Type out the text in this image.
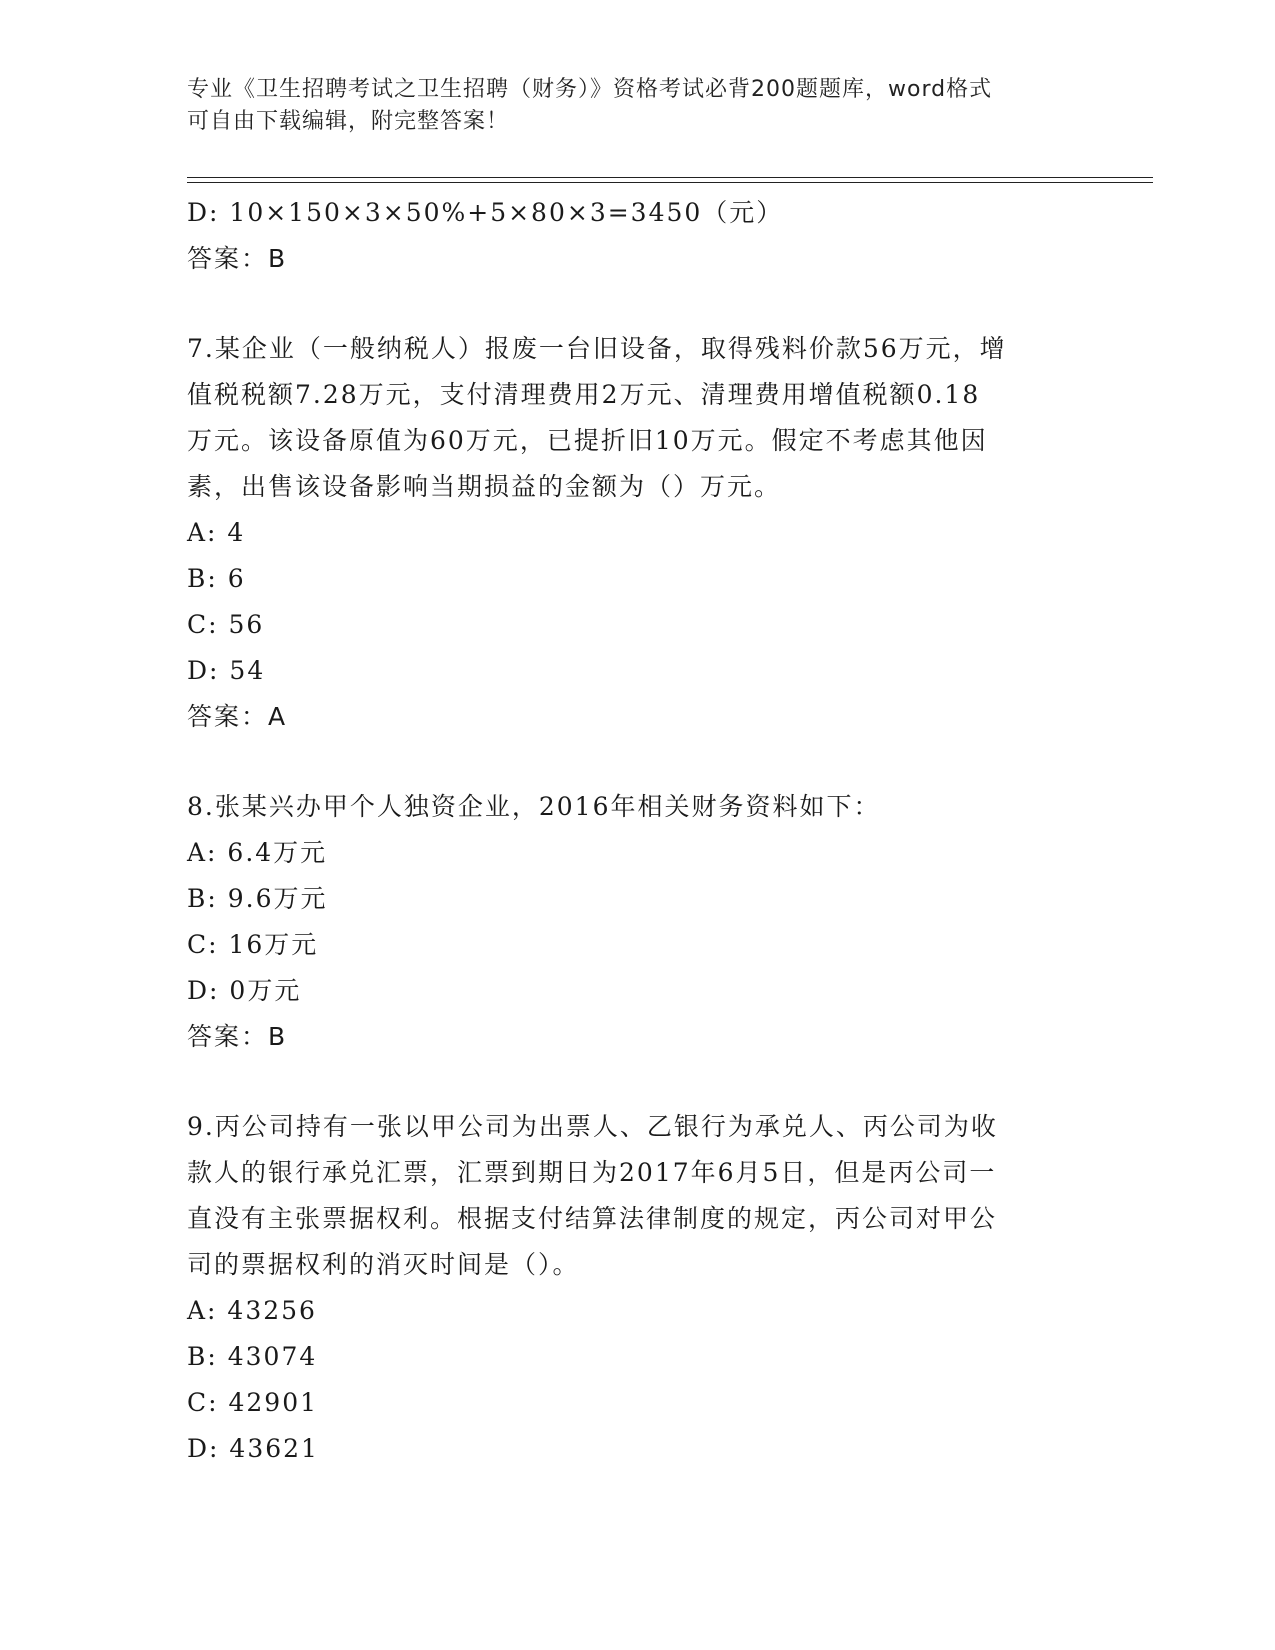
专业《卫生招聘考试之卫生招聘（财务）》资格考试必背200题题库，word格式
可自由下载编辑，附完整答案！
D: 10×150×3×50%+5×80×3=3450（元）
答案：B
7.某企业（一般纳税人）报废一台旧设备，取得残料价款56万元，增
值税税额7.28万元，支付清理费用2万元、清理费用增值税额0.18
万元。该设备原值为60万元，已提折旧10万元。假定不考虑其他因
素，出售该设备影响当期损益的金额为（）万元。
A: 4
B: 6
C: 56
D: 54
答案：A
8.张某兴办甲个人独资企业，2016年相关财务资料如下：
A: 6.4万元
B: 9.6万元
C: 16万元
D: 0万元
答案：B
9.丙公司持有一张以甲公司为出票人、乙银行为承兑人、丙公司为收
款人的银行承兑汇票，汇票到期日为2017年6月5日，但是丙公司一
直没有主张票据权利。根据支付结算法律制度的规定，丙公司对甲公
司的票据权利的消灭时间是（）。
A: 43256
B: 43074
C: 42901
D: 43621
